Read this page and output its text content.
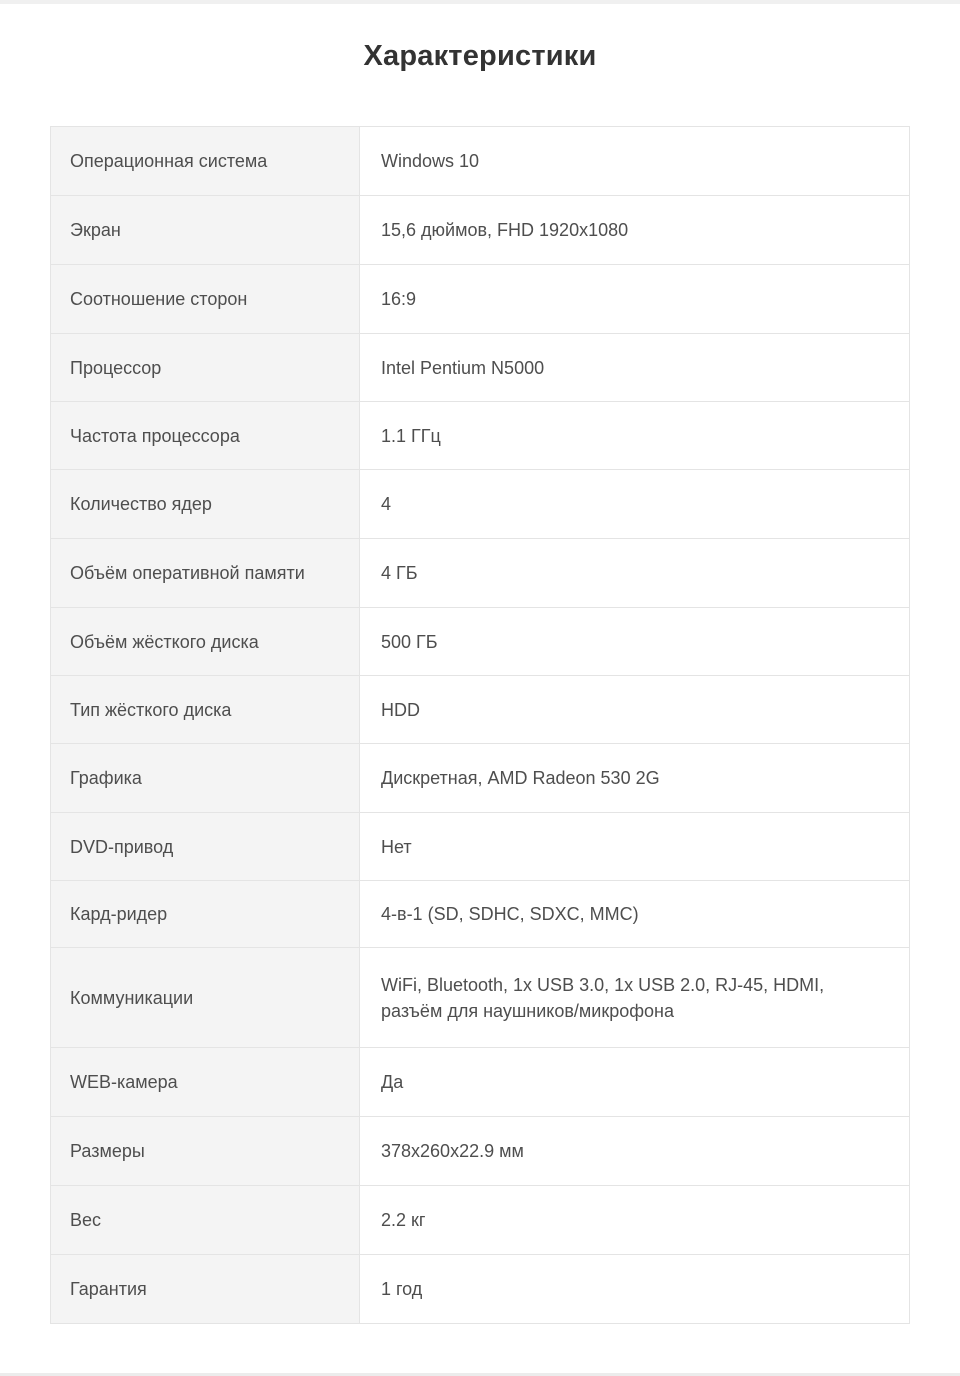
Характеристики
Операционная система	Windows 10
Экран	15,6 дюймов, FHD 1920x1080
Соотношение сторон	16:9
Процессор	Intel Pentium N5000
Частота процессора	1.1 ГГц
Количество ядер	4
Объём оперативной памяти	4 ГБ
Объём жёсткого диска	500 ГБ
Тип жёсткого диска	HDD
Графика	Дискретная, AMD Radeon 530 2G
DVD-привод	Нет
Кард-ридер	4-в-1 (SD, SDHC, SDXC, MMC)
Коммуникации	WiFi, Bluetooth, 1x USB 3.0, 1x USB 2.0, RJ-45, HDMI, разъём для наушников/микрофона
WEB-камера	Да
Размеры	378x260x22.9 мм
Вес	2.2 кг
Гарантия	1 год
